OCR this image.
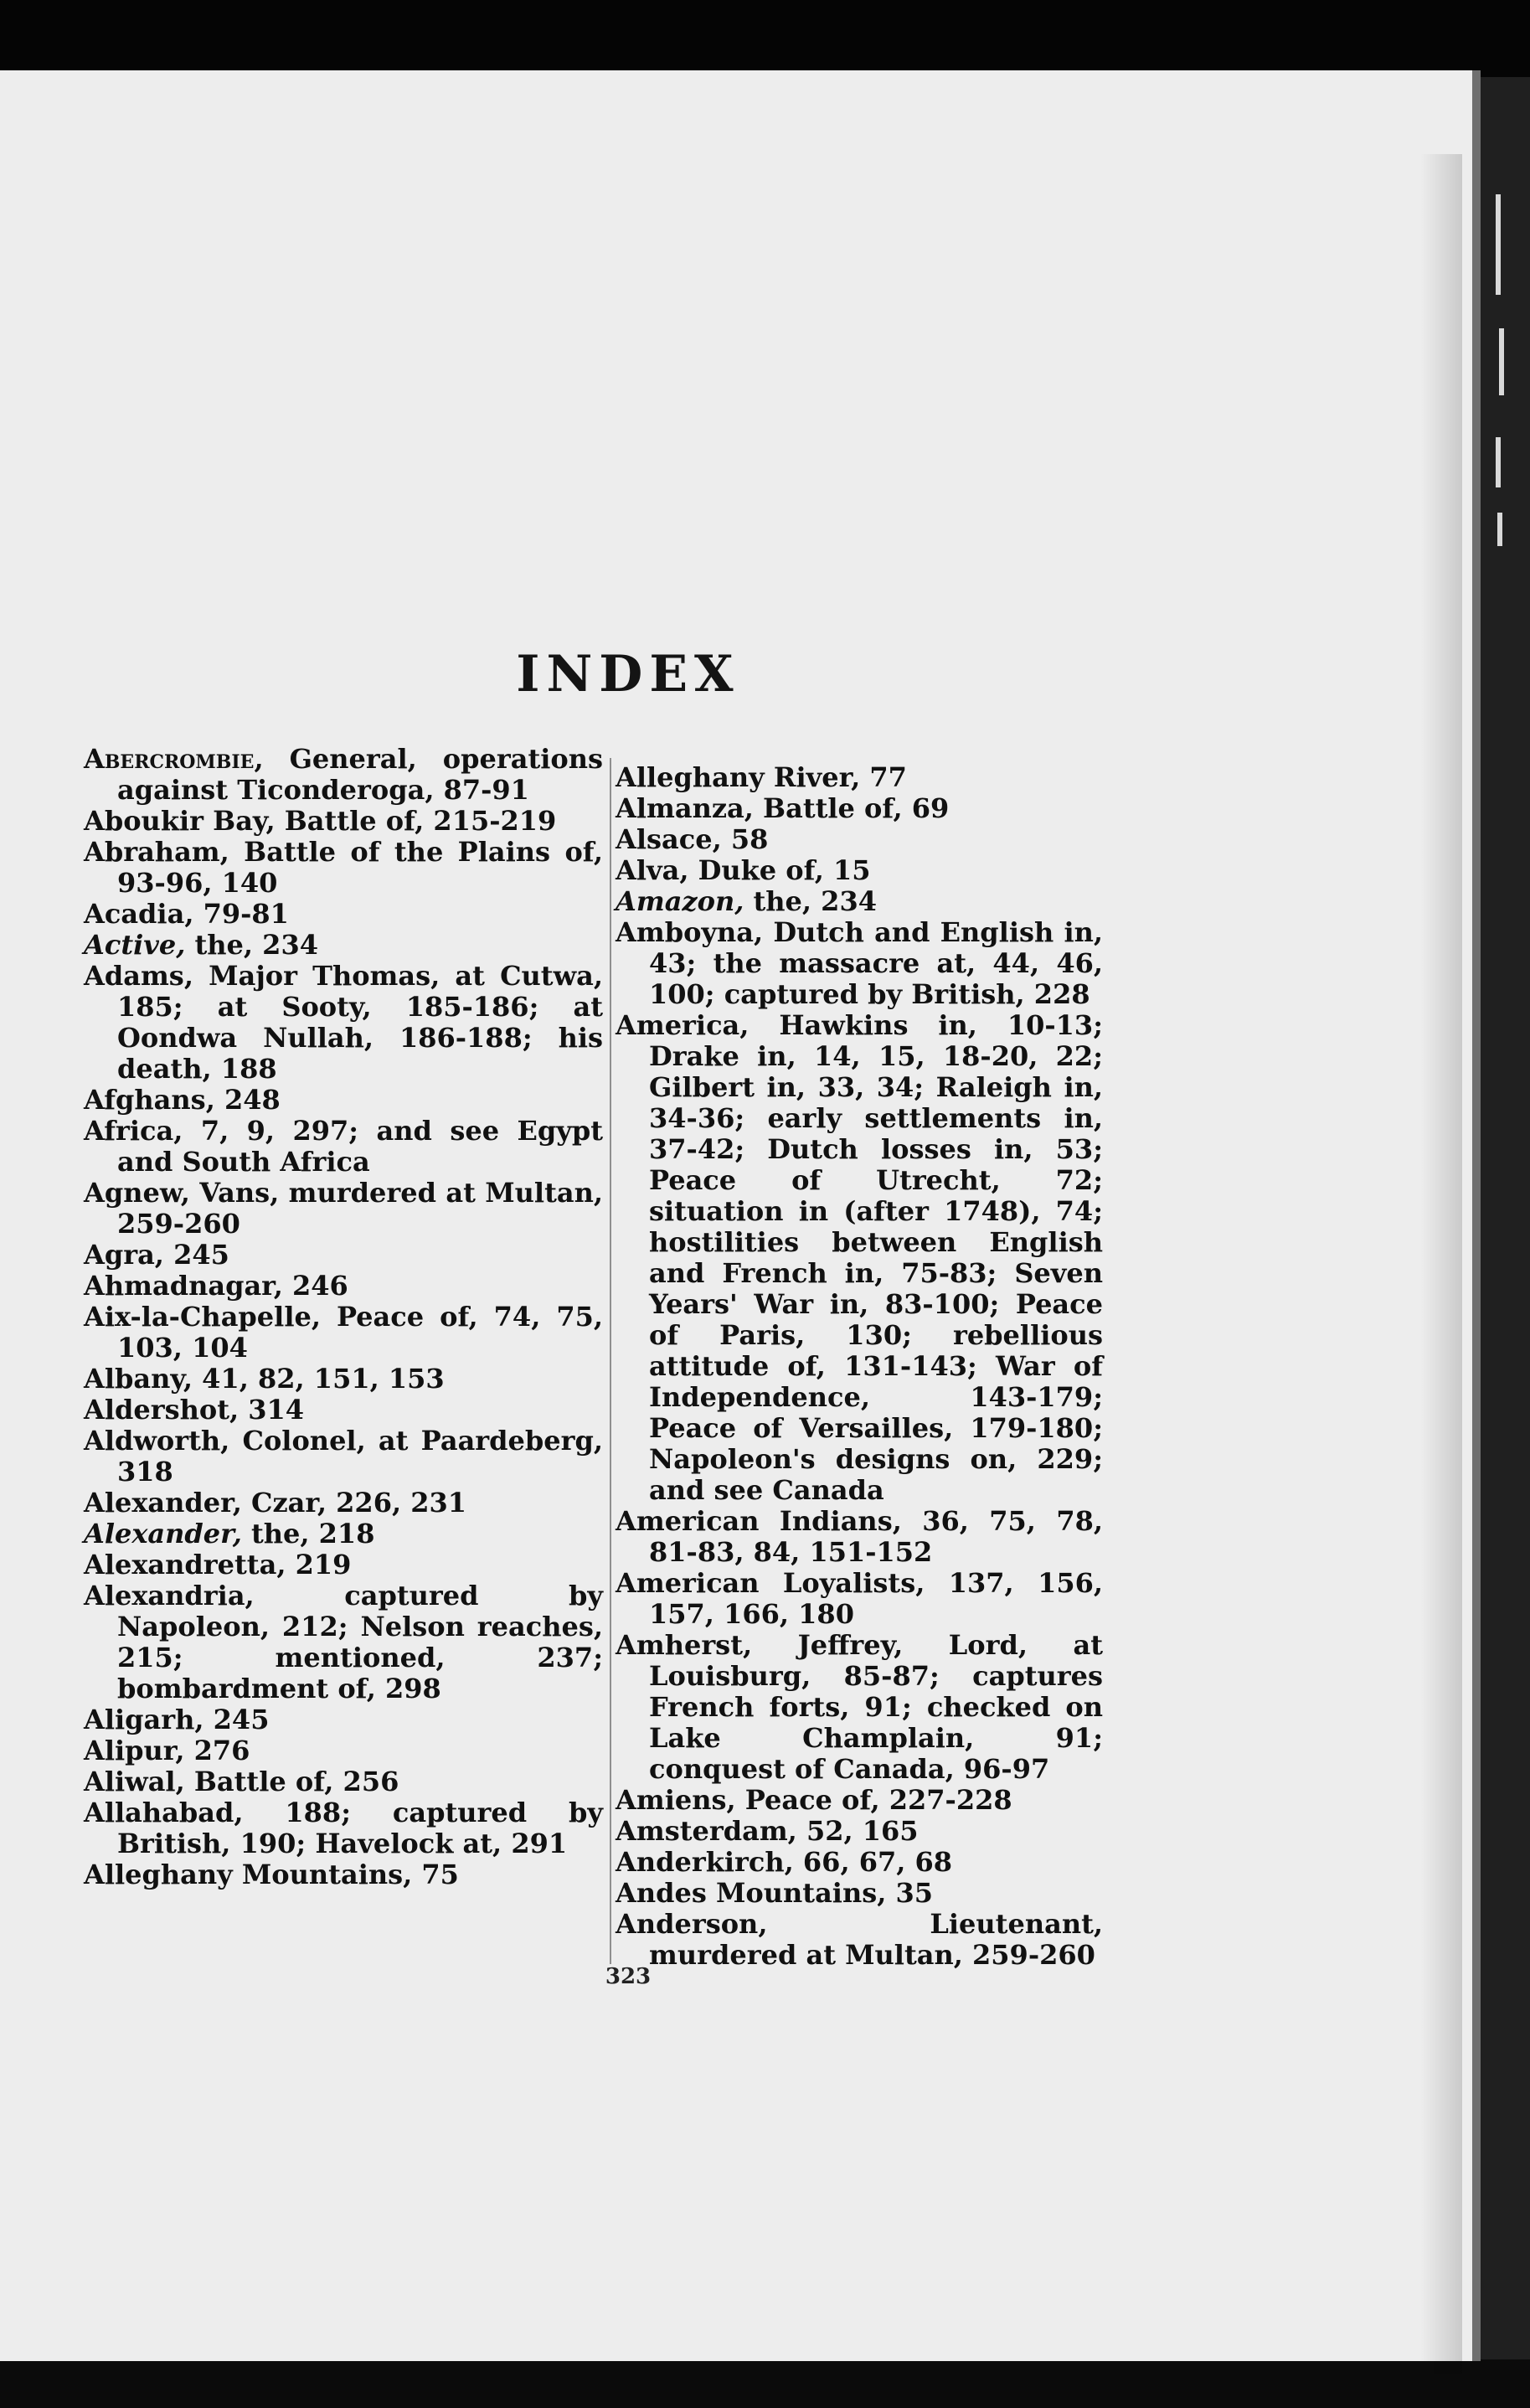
INDEX
Abercrombie, General, operations against Ticonderoga, 87-91
Aboukir Bay, Battle of, 215-219
Abraham, Battle of the Plains of, 93-96, 140
Acadia, 79-81
Active, the, 234
Adams, Major Thomas, at Cutwa, 185; at Sooty, 185-186; at Oondwa Nullah, 186-188; his death, 188
Afghans, 248
Africa, 7, 9, 297; and see Egypt and South Africa
Agnew, Vans, murdered at Multan, 259-260
Agra, 245
Ahmadnagar, 246
Aix-la-Chapelle, Peace of, 74, 75, 103, 104
Albany, 41, 82, 151, 153
Aldershot, 314
Aldworth, Colonel, at Paardeberg, 318
Alexander, Czar, 226, 231
Alexander, the, 218
Alexandretta, 219
Alexandria, captured by Napoleon, 212; Nelson reaches, 215; mentioned, 237; bombardment of, 298
Aligarh, 245
Alipur, 276
Aliwal, Battle of, 256
Allahabad, 188; captured by British, 190; Havelock at, 291
Alleghany Mountains, 75
Alleghany River, 77
Almanza, Battle of, 69
Alsace, 58
Alva, Duke of, 15
Amazon, the, 234
Amboyna, Dutch and English in, 43; the massacre at, 44, 46, 100; captured by British, 228
America, Hawkins in, 10-13; Drake in, 14, 15, 18-20, 22; Gilbert in, 33, 34; Raleigh in, 34-36; early settlements in, 37-42; Dutch losses in, 53; Peace of Utrecht, 72; situation in (after 1748), 74; hostilities between English and French in, 75-83; Seven Years' War in, 83-100; Peace of Paris, 130; rebellious attitude of, 131-143; War of Independence, 143-179; Peace of Versailles, 179-180; Napoleon's designs on, 229; and see Canada
American Indians, 36, 75, 78, 81-83, 84, 151-152
American Loyalists, 137, 156, 157, 166, 180
Amherst, Jeffrey, Lord, at Louisburg, 85-87; captures French forts, 91; checked on Lake Champlain, 91; conquest of Canada, 96-97
Amiens, Peace of, 227-228
Amsterdam, 52, 165
Anderkirch, 66, 67, 68
Andes Mountains, 35
Anderson, Lieutenant, murdered at Multan, 259-260
323
